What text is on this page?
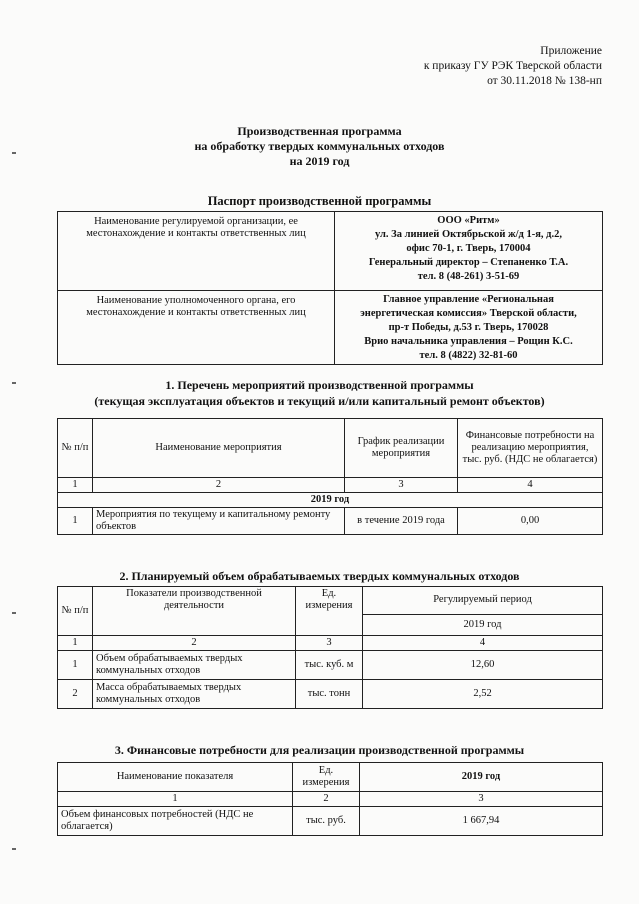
Приложение
к приказу ГУ РЭК Тверской области
от 30.11.2018 № 138-нп
Производственная программа
на обработку твердых коммунальных отходов
на 2019 год
Паспорт производственной программы
Наименование регулируемой организации, ее местонахождение и контакты ответственных лиц	ООО «Ритм»
ул. За линией Октябрьской ж/д 1-я, д.2,
офис 70-1, г. Тверь, 170004
Генеральный директор – Степаненко Т.А.
тел. 8 (48-261) 3-51-69

Наименование уполномоченного органа, его местонахождение и контакты ответственных лиц	Главное управление «Региональная
энергетическая комиссия» Тверской области,
пр-т Победы, д.53 г. Тверь, 170028
Врио начальника управления – Рощин К.С.
тел. 8 (4822) 32-81-60
1. Перечень мероприятий производственной программы
(текущая эксплуатация объектов и текущий и/или капитальный ремонт объектов)
№ п/п	Наименование мероприятия	График реализации мероприятия	Финансовые потребности на реализацию мероприятия, тыс. руб. (НДС не облагается)
1	2	3	4
2019 год			
1	Мероприятия по текущему и капитальному ремонту объектов	в течение 2019 года	0,00
2. Планируемый объем обрабатываемых твердых коммунальных отходов
№ п/п	Показатели производственной деятельности	Ед. измерения	Регулируемый период
			2019 год
1	2	3	4
1	Объем обрабатываемых твердых коммунальных отходов	тыс. куб. м	12,60
2	Масса обрабатываемых твердых коммунальных отходов	тыс. тонн	2,52
3. Финансовые потребности для реализации производственной программы
Наименование показателя	Ед. измерения	2019 год
1	2	3
Объем финансовых потребностей (НДС не облагается)	тыс. руб.	1 667,94
